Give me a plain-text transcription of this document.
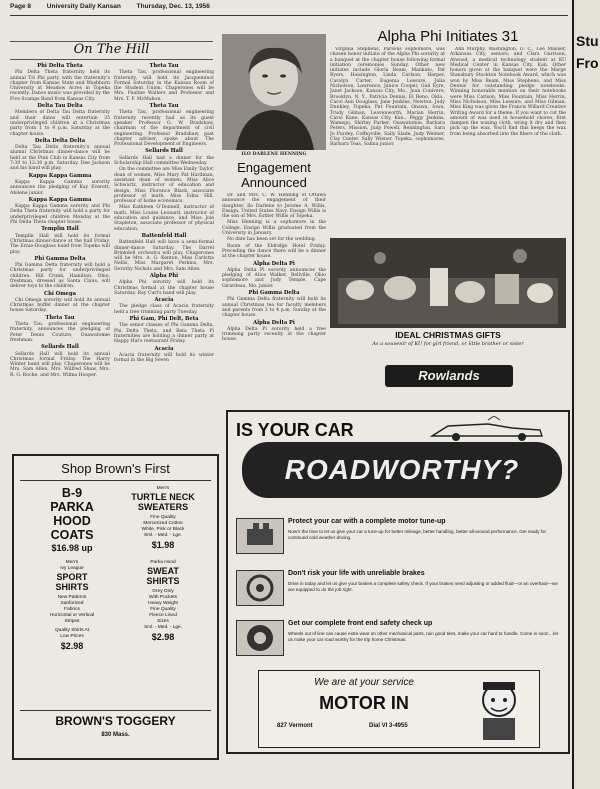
Page 8 University Daily Kansan Thursday, Dec. 13, 1956
On The Hill
Phi Delta Theta
Phi Delta Theta fraternity held its annual Tri Phi party with the fraternity's chapter from Kansas State and Washburn University at Meadow Acres in Topeka recently. Dance music was provided by the Five Scamps Band from Kansas City.
Delta Tau Delta
Members of Delta Tau Delta fraternity and their dates will entertain 35 underprivileged children at a Christmas party from 1 to 4 p.m. Saturday at the chapter house.
Delta Delta Delta
Delta Tau Delta fraternity's annual alumni Christmas dinner-dance will be held at the Pink Club in Kansas City from 7:30 to 12:30 p.m. Saturday. Dee Jackson and his band will play.
Kappa Kappa Gamma
Kappa Kappa Gamma sorority announces the pledging of Kay Everett, Abilene junior.
Kappa Kappa Gamma
Kappa Kappa Gamma sorority and Phi Delta Theta fraternity will hold a party for underprivileged children Monday at the Phi Delta Theta chapter house.
Templin Hall
Templin Hall will hold its formal Christmas dinner-dance at the hall Friday. The Ernie-Douglass band from Topeka will play.
Phi Gamma Delta
Phi Gamma Delta fraternity will hold a Christmas party for underprivileged children. Bill Crunk, Hamilton, Ohio, freshman, dressed as Santa Claus, will deliver toys to the children.
Chi Omega
Chi Omega sorority will hold its annual Christmas buffet dinner at the chapter house Saturday.
Theta Tau
Theta Tau, professional engineering fraternity, announces the pledging of Peter Denis Couture, Ouawatomie freshman.
Sellards Hall
Sellards Hall will hold its annual Christmas formal Friday. The Harry Winter band will play. Chaperones will be Mrs. Sam Allen, Mrs. Wilfred Shaw, Mrs. R. G. Roche, and Mrs. Wilma Hooper.
Theta Tau
Theta Tau, professional engineering fraternity, will hold its Jacqueminot Formal Saturday in the Kansas Room of the Student Union. Chaperones will be Mrs. Pauline Walters and Professor and Mrs. T. F. McMahon.
Theta Tau
Theta Tau, professional engineering fraternity recently had as its guest speaker Professor G. W. Bradshaw, chairman of the department of civil engineering. Professor Bradshaw, past chapter adviser, spoke about The Professional Development of Engineers.
Sellards Hall
Sellards Hall had a dinner for the Scholarship Hall committee Wednesday.
On the committee are Miss Emily Taylor, dean of women, Miss Mary Pat Hardman, assistant dean of women, Miss Alice Schwartz, instructor of education and design, Miss Florence Black, associate professor of math, Miss Edna Hill, professor of home economics.
Miss Kathleen O'Donnell, instructor of math, Miss Louise Leonard, instructor of education and guidance, and Miss Joie Stapleton, associate professor of physical education.
Battenfeld Hall
Battenfeld Hall will have a semi-formal dinner-dance Saturday. The Darrel Brinkdell orchestra will play. Chaperones will be Mrs. A. G. Kenton, Miss Carlotta Nellis, Miss Margaret Perkins, Mrs. Dorothy Nichols and Mrs. Sam Allen.
Alpha Phi
Alpha Phi sorority will hold its Christmas formal at the chapter house Saturday. Ray Curl's band will play.
Acacia
The pledge class of Acacia fraternity held a tree trimming party Tuesday.
Phi Gam, Phi Delt, Beta
The senior classes of Phi Gamma Delta, Phi Delta Theta, and Beta Theta Pi fraternities are holding a dinner party at Happy Hal's restaurant Friday.
Acacia
Acacia fraternity will hold its winter formal in the Big Seven
ILO DARLENE HENNING
Engagement
Announced
Dr. and Mrs. C. W. Henning of Ottawa announce the engagement of their daughter, Ilo Darlene to Jerome A. Willis, Ensign, United States Navy. Ensign Willis is the son of Mrs. Esther Willis of Topeka.
Miss Henning is a sophomore in the College. Ensign Willis graduated from the University in January.
No date has been set for the wedding.
Room of the Eldridge Hotel Friday. Preceding the dance there will be a dinner at the chapter house.
Alpha Delta Pi
Alpha Delta Pi sorority announces the pledging of Alice Walker, Bellville, Ohio sophomore and Judy Temple, Cape Girardeau, Mo. junior.
Phi Gamma Delta
Phi Gamma Delta fraternity will hold its annual Christmas tea for faculty members and parents from 2 to 4 p.m. Sunday at the chapter house.
Alpha Delta Pi
Alpha Delta Pi sorority held a tree trimming party recently at the chapter house.
Alpha Phi Initiates 31
Virginia Stephens, Parsons sophomore, was chosen honor initiate of the Alpha Phi sorority at a banquet at the chapter house following formal initiation ceremonies Sunday. Other new initiates include Gloria Beam, Mankato, Pat Byers, Hoisington, Linda Carlson, Harper, Carolyn Carter, Eugenia Lessure, Julia Nicholson, Lawrence, Janice Cooper, Gail Eyre, Janet Jackson, Kansas City, Mo., Jean Conivere, Brooklyn, N. Y., Patricia Dennis, El Reno, Okla., Carol Ann Douglass, Jane Jenkins, Newton. Judy Dunkley, Topeka, Pat Fountain, Onawa, Iowa, Trudy Gilman, Leavenworth, Marian Herrin, Carol Kane, Kansas City, Kan., Peggy Jenkins, Wamego, Shirley Parker, Osawatomie, Barbara Peters, Mission, Judy Powell, Bennington, Sara Jo Purdey, Coffeyville, Sally Slade, Judy Weimer, Clay Center, Sally Wiener, Topeka, sophomores, Barbara Teas, Salina junior,
Ann Murphy, Washington, D. C., Lee Mauser, Arkansas City, seniors; and Clara Garrison, Atwood, a medical technology student at KU Medical Center in Kansas City, Kan. Other honors given at the banquet were the Marge Stansbury Stockton Notebook Award, which was won by Miss Beam, Miss Stephens, and Miss Dennis for outstanding pledge notebooks. Winning honorable mention on their notebooks were Miss Carlson, Miss Fountain, Miss Herrin, Miss Nicholson, Miss Lessure, and Miss Gilman. Miss King was given the Francis Willard Creative Writing Award for a theme. If you want to cut the amount of wax used in household chores, first dampen the waxing cloth, wring it dry and then pick up the wax. You'll find this keeps the wax from being absorbed into the fibers of the cloth.
IDEAL CHRISTMAS GIFTS
As a souvenir of KU for girl friend, or little brother or sister
Rowlands
Shop Brown's First
B-9
PARKA
HOOD
COATS
$16.98 up
Men's
Ivy League
SPORT
SHIRTS
New Patterns
Sanforized
Fabrics
Horizontal or Vertical
Stripes
Quality Shirts At
Low Prices
$2.98
Men's
TURTLE NECK
SWEATERS
Fine Quality
Mercerized Cotton
White, Pink or Black
Sml. - Med. - Lge.
$1.98
Parka Hood
SWEAT
SHIRTS
Grey Only
With Pockets
Heavy Weight
Fine Quality
Fleece Lined
Sizes
Sml. - Med. - Lge.
$2.98
BROWN'S TOGGERY
830 Mass.
IS YOUR CAR
ROADWORTHY?
Protect your car with a complete motor tune-up
Now's the time to let us give your car a tune-up for better mileage, better handling, better all-around performance. Get ready for continued cold weather driving.
Don't risk your life with unreliable brakes
Drive in today and let us give your brakes a complete safety check. If your brakes need adjusting or added fluid—or an overhaul—we are equipped to do the job right.
Get our complete front end safety check up
Wheels out of line can cause extra wear on other mechanical parts, ruin good tires, make your car hard to handle. Come in soon…let us make your car road worthy for the trip home Christmas.
We are at your service
MOTOR IN
827 Vermont	Dial VI 3-4955
Stu Fro
